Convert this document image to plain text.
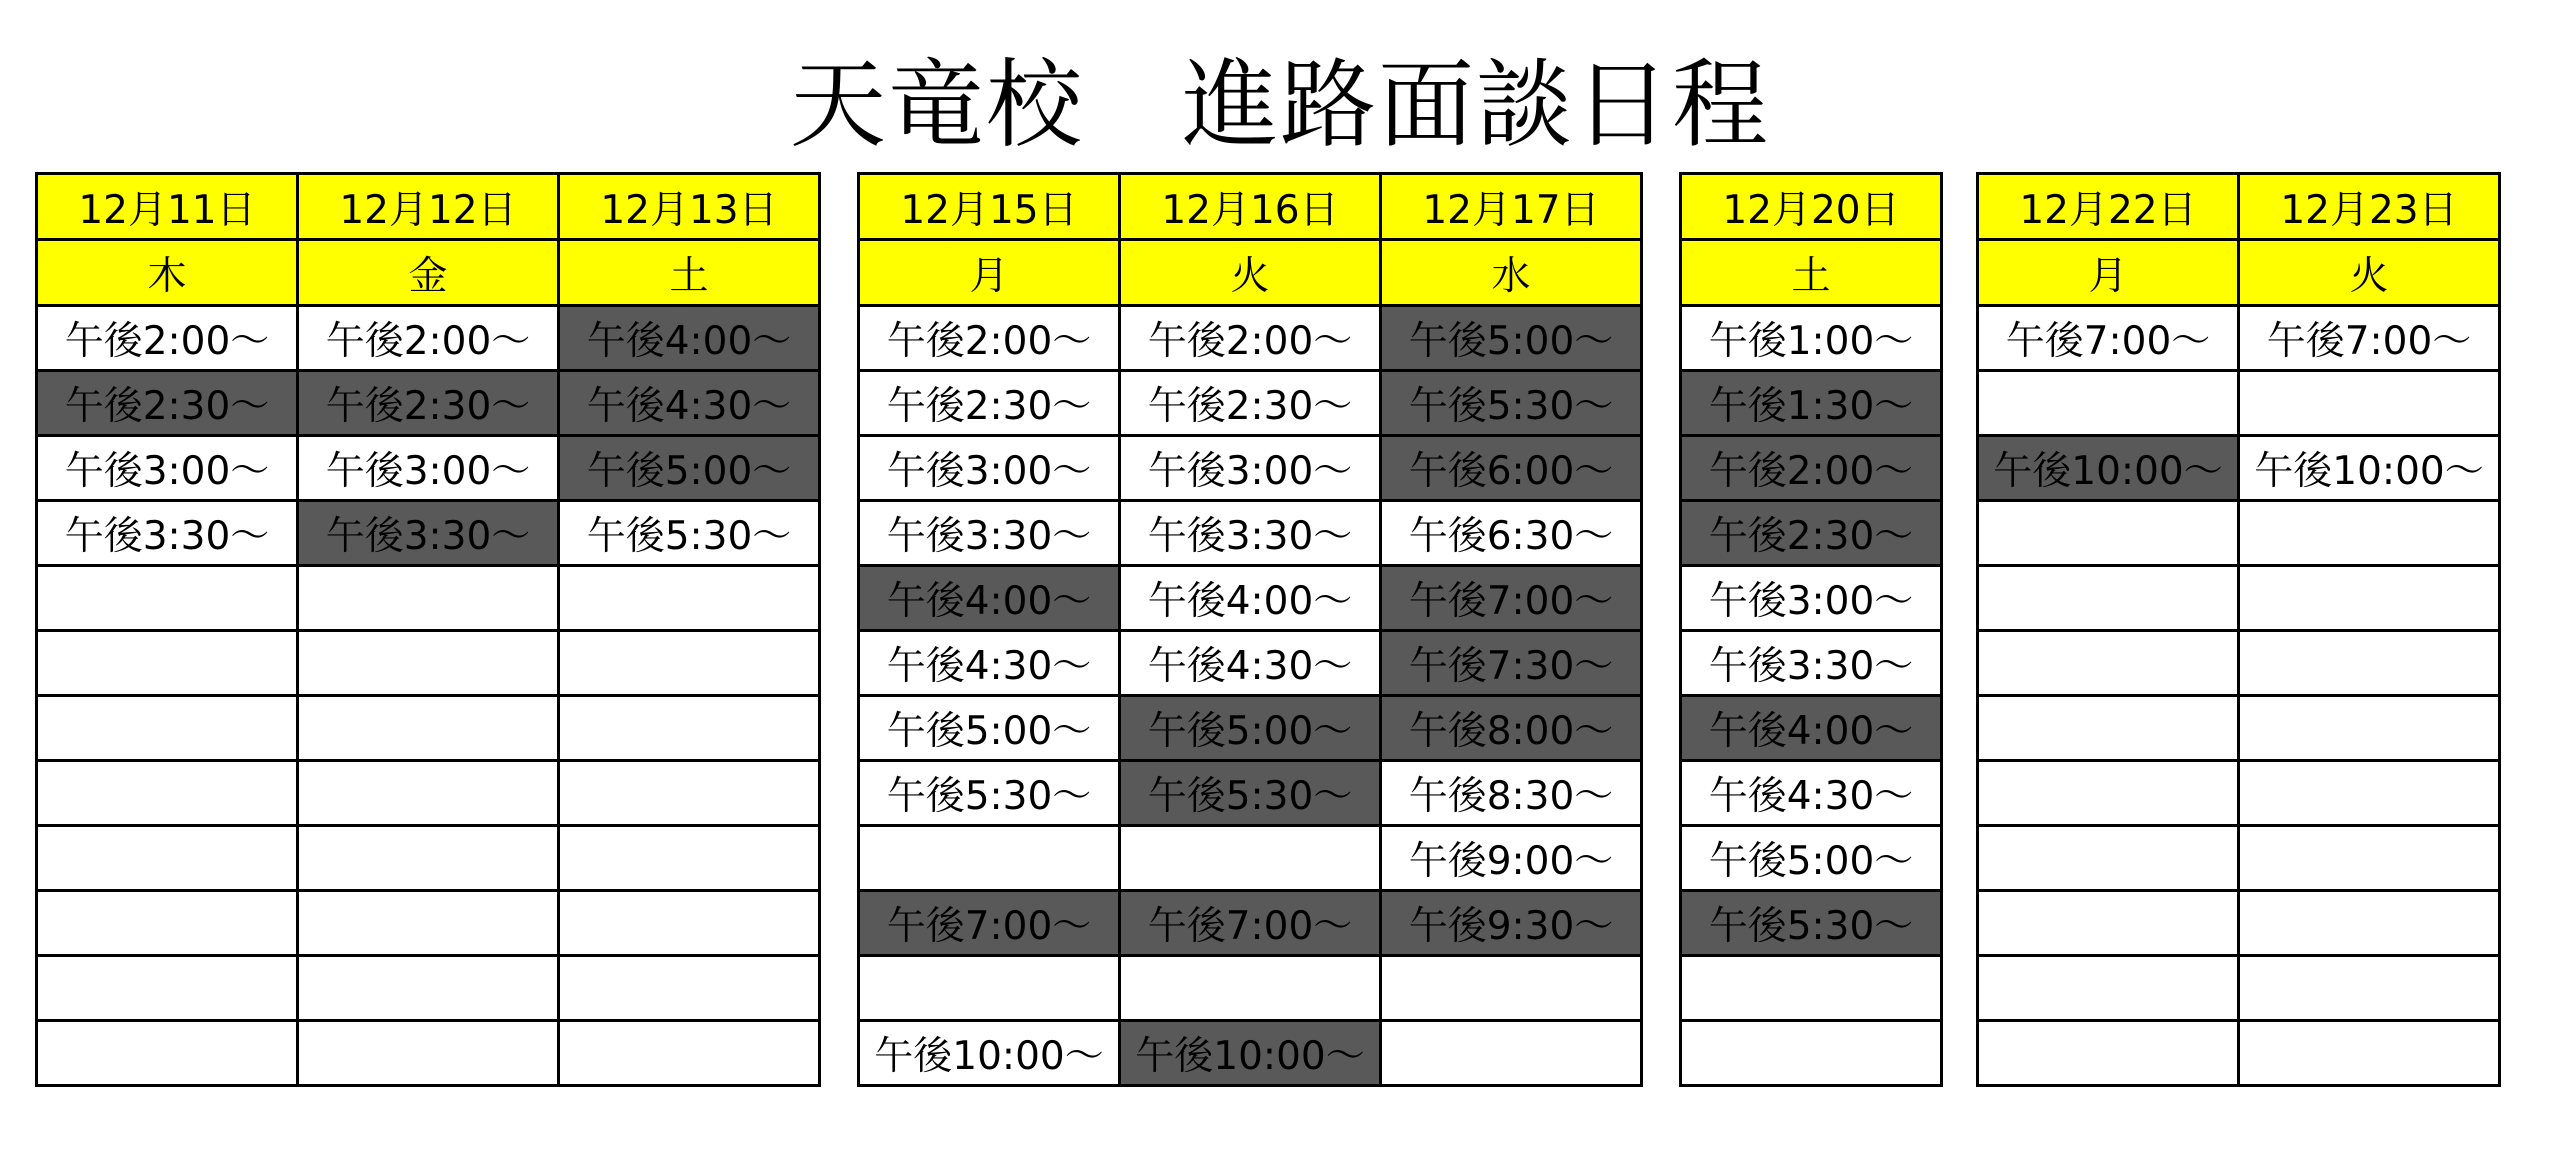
天竜校　進路面談日程
12月11日	12月12日	12月13日
木	金	土
午後2:00～	午後2:00～	午後4:00～
午後2:30～	午後2:30～	午後4:30～
午後3:00～	午後3:00～	午後5:00～
午後3:30～	午後3:30～	午後5:30～

12月15日	12月16日	12月17日
月	火	水
午後2:00～	午後2:00～	午後5:00～
午後2:30～	午後2:30～	午後5:30～
午後3:00～	午後3:00～	午後6:00～
午後3:30～	午後3:30～	午後6:30～
午後4:00～	午後4:00～	午後7:00～
午後4:30～	午後4:30～	午後7:30～
午後5:00～	午後5:00～	午後8:00～
午後5:30～	午後5:30～	午後8:30～
		午後9:00～
午後7:00～	午後7:00～	午後9:30～

午後10:00～	午後10:00～	
12月20日
土
午後1:00～
午後1:30～
午後2:00～
午後2:30～
午後3:00～
午後3:30～
午後4:00～
午後4:30～
午後5:00～
午後5:30～

12月22日	12月23日
月	火
午後7:00～	午後7:00～

午後10:00～	午後10:00～
